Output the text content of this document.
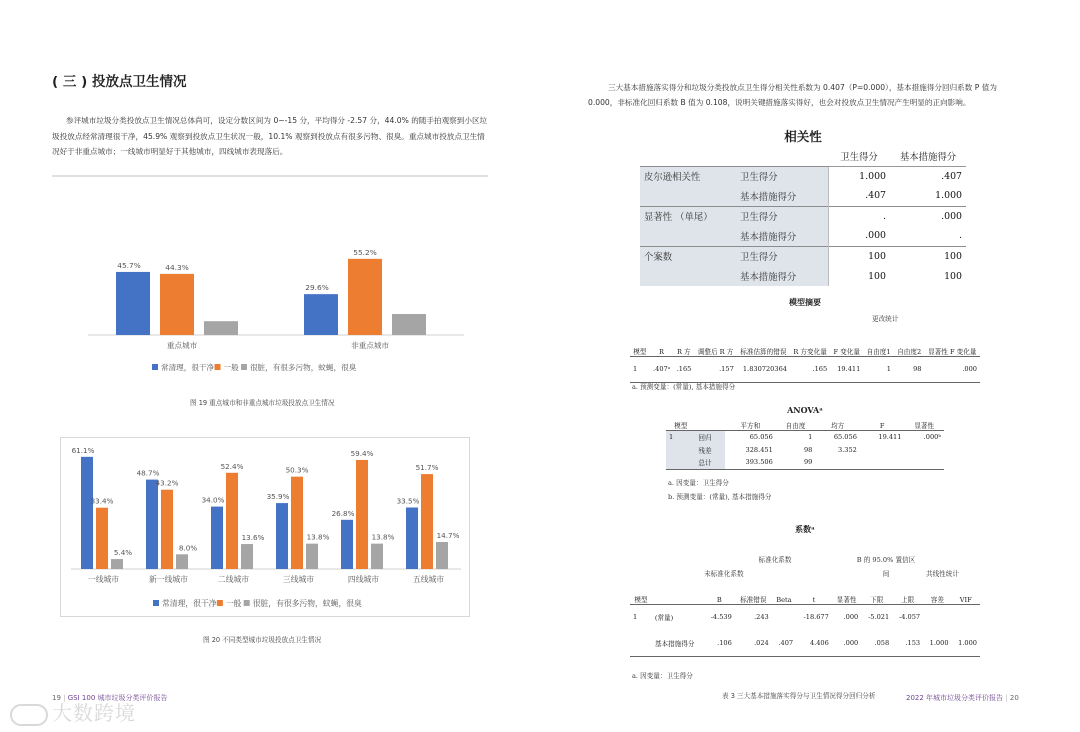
( 三 ) 投放点卫生情况
参评城市垃圾分类投放点卫生情况总体尚可，设定分数区间为 0~-15 分，平均得分 -2.57 分，44.0% 的随手拍观察到小区垃圾投放点经常清理很干净，45.9% 观察到投放点卫生状况一般，10.1% 观察到投放点有很多污物、很臭。重点城市投放点卫生情况好于非重点城市；一线城市明显好于其他城市，四线城市表现落后。
45.7%	44.3%
重点城市
29.6%
55.2%
非重点城市
常清理，很干净 一般 很脏，有很多污物，蚊蝇，很臭
图 19 重点城市和非重点城市垃圾投放点卫生情况
61.1%
33.4%
5.4%
一线城市
48.7%
43.2%
8.0%
新一线城市
34.0%
52.4%
13.6%
二线城市
35.9%
50.3%
13.8%
三线城市
26.8%
59.4%
13.8%
四线城市
33.5%
51.7%
14.7%
五线城市
常清理，很干净 一般 很脏，有很多污物，蚊蝇，很臭
图 20 不同类型城市垃圾投放点卫生情况
19 | GSI 100 城市垃圾分类评价报告
大数跨境
三大基本措施落实得分和垃圾分类投放点卫生得分相关性系数为 0.407（P=0.000），基本措施得分回归系数 P 值为 0.000，非标准化回归系数 B 值为 0.108，说明关键措施落实得好，也会对投放点卫生情况产生明显的正向影响。
相关性
		卫生得分	基本措施得分
皮尔逊相关性	卫生得分	1.000	.407
	基本措施得分	.407	1.000
显著性 （单尾）	卫生得分	.	.000
	基本措施得分	.000	.
个案数	卫生得分	100	100
	基本措施得分	100	100
模型摘要
更改统计
模型	R	R 方	调整后 R 方	标准估算的错误	R 方变化量	F 变化量	自由度1	自由度2	显著性 F 变化量
1	.407ᵃ	.165	.157	1.830720364	.165	19.411	1	98	.000
a. 预测变量：(常量), 基本措施得分
ANOVAᵃ
模型		平方和	自由度	均方	F	显著性
1	回归	65.056	1	65.056	19.411	.000ᵇ
	残差	328.451	98	3.352		
	总计	393.506	99			
a. 因变量：卫生得分
b. 预测变量：(常量), 基本措施得分
系数ᵃ
未标准化系数
标准化系数	B 的 95.0% 置信区间	共线性统计
模型		B	标准错误	Beta	t	显著性	下限	上限	容差	VIF
1	(常量)	-4.539	.243		-18.677	.000	-5.021	-4.057		
	基本措施得分	.106	.024	.407	4.406	.000	.058	.153	1.000	1.000
a. 因变量：卫生得分
表 3 三大基本措施落实得分与卫生情况得分回归分析	2022 年城市垃圾分类评价报告 | 20
